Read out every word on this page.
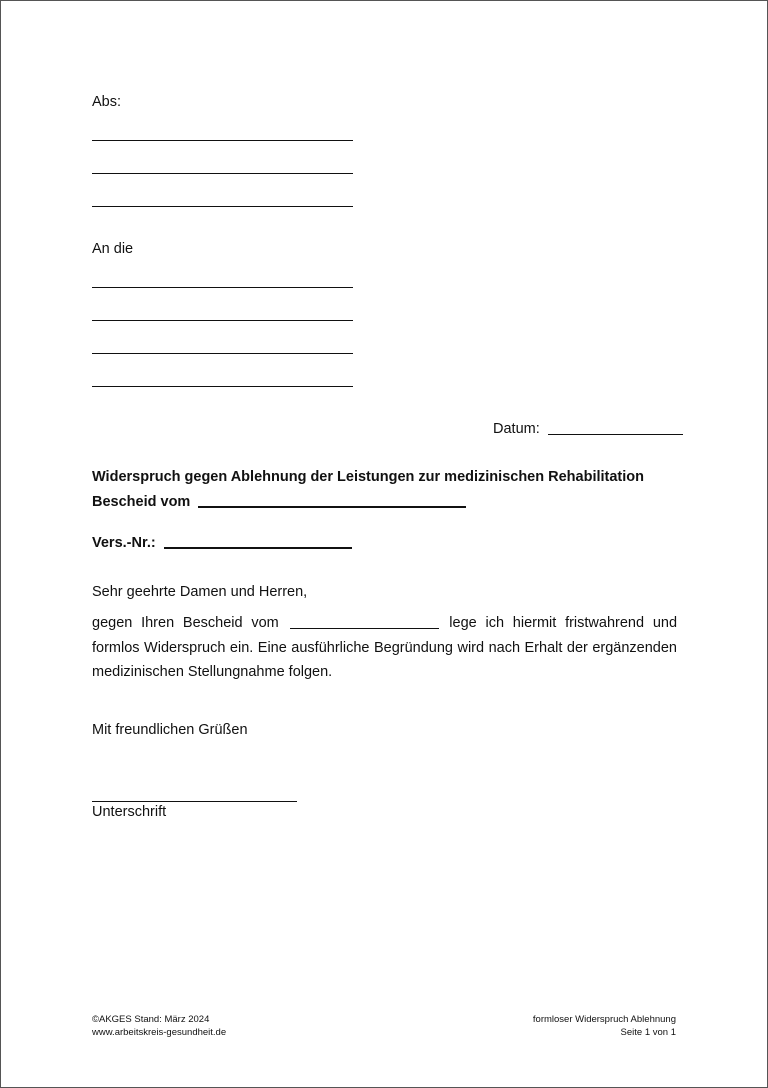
Abs:
An die
Datum:
Widerspruch gegen Ablehnung der Leistungen zur medizinischen Rehabilitation
Bescheid vom
Vers.-Nr.:
Sehr geehrte Damen und Herren,
gegen Ihren Bescheid vom	lege ich hiermit fristwahrend und formlos Widerspruch ein. Eine ausführliche Begründung wird nach Erhalt der ergänzenden medizinischen Stellungnahme folgen.
Mit freundlichen Grüßen
Unterschrift
©AKGES Stand: März 2024
www.arbeitskreis-gesundheit.de
formloser Widerspruch Ablehnung
Seite 1 von 1
